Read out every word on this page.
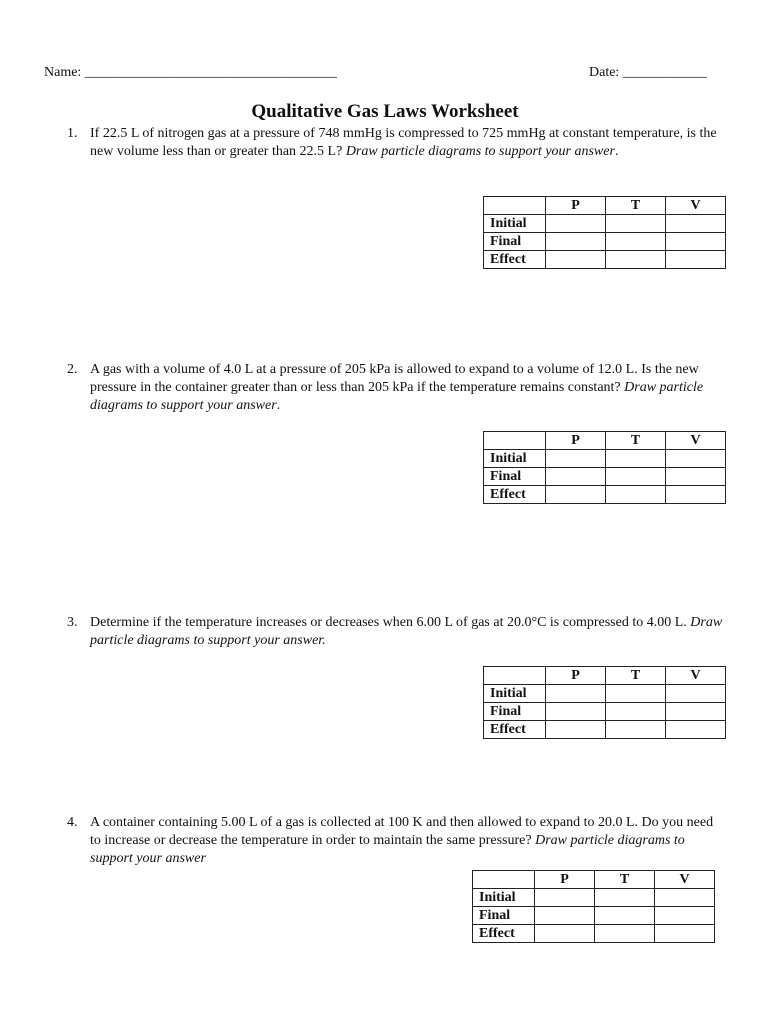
Name: ____________________________________	Date: ____________
Qualitative Gas Laws Worksheet
1. If 22.5 L of nitrogen gas at a pressure of 748 mmHg is compressed to 725 mmHg at constant temperature, is the new volume less than or greater than 22.5 L? Draw particle diagrams to support your answer.
	P	T	V
Initial			
Final			
Effect			
2. A gas with a volume of 4.0 L at a pressure of 205 kPa is allowed to expand to a volume of 12.0 L. Is the new pressure in the container greater than or less than 205 kPa if the temperature remains constant? Draw particle diagrams to support your answer.
	P	T	V
Initial			
Final			
Effect			
3. Determine if the temperature increases or decreases when 6.00 L of gas at 20.0°C is compressed to 4.00 L. Draw particle diagrams to support your answer.
	P	T	V
Initial			
Final			
Effect			
4. A container containing 5.00 L of a gas is collected at 100 K and then allowed to expand to 20.0 L. Do you need to increase or decrease the temperature in order to maintain the same pressure? Draw particle diagrams to support your answer
	P	T	V
Initial			
Final			
Effect			
